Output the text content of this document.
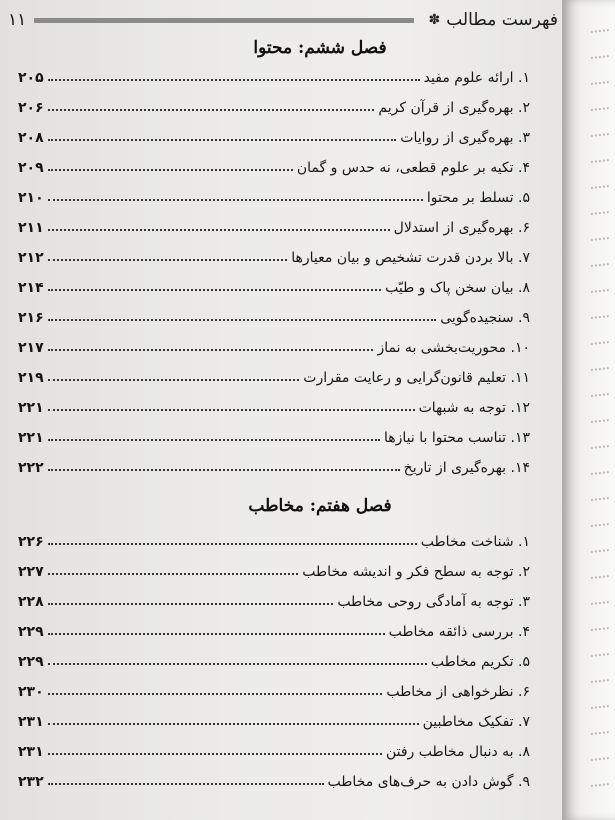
فهرست مطالب
✽
۱۱
فصل ششم: محتوا
۱. ارائه علوم مفید
۲۰۵
۲. بهره‌گیری از قرآن کریم
۲۰۶
۳. بهره‌گیری از روایات
۲۰۸
۴. تکیه بر علوم قطعی، نه حدس و گمان
۲۰۹
۵. تسلط بر محتوا
۲۱۰
۶. بهره‌گیری از استدلال
۲۱۱
۷. بالا بردن قدرت تشخیص و بیان معیارها
۲۱۲
۸. بیان سخن پاک و طیّب
۲۱۴
۹. سنجیده‌گویی
۲۱۶
۱۰. محوریت‌بخشی به نماز
۲۱۷
۱۱. تعلیم قانون‌گرایی و رعایت مقرارت
۲۱۹
۱۲. توجه به شبهات
۲۲۱
۱۳. تناسب محتوا با نیازها
۲۲۱
۱۴. بهره‌گیری از تاریخ
۲۲۲
فصل هفتم: مخاطب
۱. شناخت مخاطب
۲۲۶
۲. توجه به سطح فکر و اندیشه مخاطب
۲۲۷
۳. توجه به آمادگی روحی مخاطب
۲۲۸
۴. بررسی ذائقه مخاطب
۲۲۹
۵. تکریم مخاطب
۲۲۹
۶. نظرخواهی از مخاطب
۲۳۰
۷. تفکیک مخاطبین
۲۳۱
۸. به دنبال مخاطب رفتن
۲۳۱
۹. گوش دادن به حرف‌های مخاطب
۲۳۲
